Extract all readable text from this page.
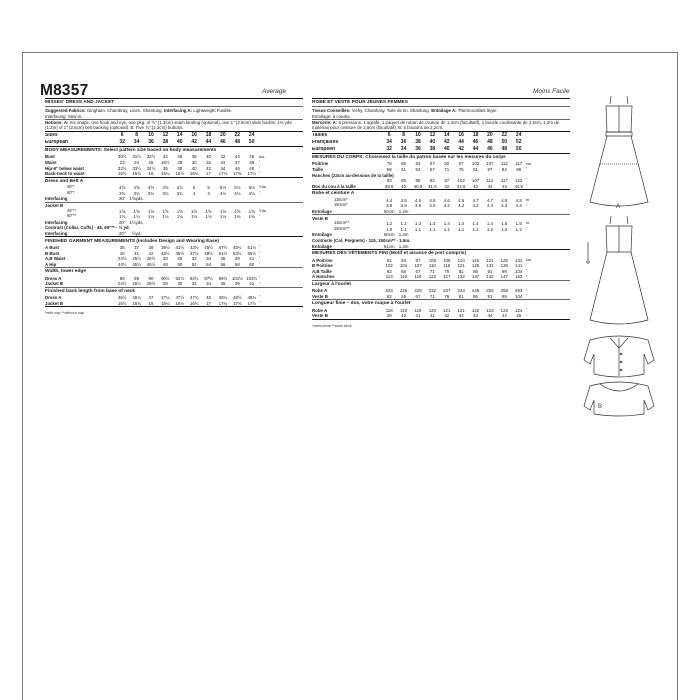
M8357	Average	Moins Facile
MISSES' DRESS AND JACKET
Suggested Fabrics: Gingham, Chambray, Linen, Shantung. Interfacing A: Lightweight Fusible.
Interfacing: Sew-in.
Notions: A: Six snaps, one hook and eye, one pkg. of ½" (1.3cm) seam binding (optional), one 1" (2.5cm) slide buckle, 1⅓ yds. (1.2m) of 1" (2.5cm) belt backing (optional). B: Five ⅞" (2.2cm) buttons.
Sizes	6	8	10	12	14	16	18	20	22	24
European	32	34	36	38	40	42	44	46	48	50
BODY MEASUREMENTS: Select pattern size based on body measurements
Bust	30½	31½	32½	34	36	38	40	42	44	46	Ins.
Waist	23	24	25	26½	28	30	32	34	37	39	"
Hip-9" below waist	32½	33½	34½	36	38	40	42	44	46	48	"
Back-neck to waist	15½	15¾	16	16¼	16½	16¾	17	17¼	17⅜	17½ "
Dress and Belt A
45"*	4⅝	4⅝	4⅝	4⅝	4⅞	5	5	5⅛	5⅛	5⅛	Yds.
60"*	3¾	3¾	3¾	3¾	3¾	4	4	4⅛	4⅛	4⅛	"
Interfacing	20" 1⅝yds.
Jacket B
45"**	1⅝	1⅝	1⅝	1⅝	1⅝	1⅝	1⅝	1⅝	1⅝	1⅝	Yds.
60"**	1⅛	1⅛	1⅛	1⅛	1⅛	1⅛	1⅛	1⅛	1⅜	1⅜	"
Interfacing	20" 1½yds.
Contrast (Collar, Cuffs) - 45, 60"** - ½ yd.
Interfacing	20"	½yd.
FINISHED GARMENT MEASUREMENTS (Includes Design and Wearing Ease)
A Bust	36	37	38	39½	41½	43½	45½	47½	49½	51½ "
B Bust	40	41	42	43½	45½	47½	49½	51½	53½	55½ "
A,B Waist	24½	25½	26½	28	30	32	34	36	39	41	"
A Hip	44½	45½	46½	48	50	52	54	56	58	60	"
Width, lower edge
Dress A	88	89	90	90½	92½	92½	97½	99½	101½ 103½ "
Jacket B	24½	25½	26½	28	30	32	34	36	39	41	"
Finished back length from base of neck
Dress A	46½	46¾	47	47¼	47½	47¾	48	48¼	48½	48¾ "
Jacket B	15½	15¾	16	16¼	16½	16¾	17	17¼	17⅜	17½ "
*with nap **without nap
ROBE ET VESTE POUR JEUNES FEMMES
Tissus Conseillés: Vichy, Chambray, Toile de lin, Shantung. Entoilage A: Thermocollant léger.
Entoilage: à coudre.
Mercerie: A: 6 pressions, 1 agrafe, 1 paquet de ruban de couture de 1,3cm (facultatif), 1 boucle coulissante de 2,5cm, 1,2m de matériau pour ceinture de 2,5cm (facultatif). B: 5 boutons de 2,2cm.
Tailles	6	8	10	12	14	16	18	20	22	24
Françaises	34	36	38	40	42	44	46	48	50	52
Européen	32	34	36	38	40	42	44	46	48	50
MESURES DU CORPS: Choisissez la taille du patron basée sur les mesures du corps
Poitrine	78	80	83	87	92	97	102	107	112	117 cm
Taille	58	61	64	67	71	76	81	87	94	99	"
Hanches (23cm au-dessous de la taille)
83	85	88	92	97	102	107	112	117	122 "
Dos du cou à la taille	39.5	40	40.5	41.5	42	42.5	43	44	44	44.5 "
Robe et ceinture A
115cm*	4.4	4.5	4.5	4.5	4.6	4.6	4.7	4.7	4.8	4.8	m
150cm*	3.9	3.9	3.9	4.0	4.2	4.2	4.2	4.3	4.3	4.4	"
Entoilage	50cm 1.2m
Veste B
115cm**	1.2	1.2	1.3	1.3	1.4	1.4	1.4	1.4	1.5	1.5	m
150cm**	1.0	1.1	1.1	1.1	1.1	1.1	1.1	1.2	1.2	1.2	"
Entoilage	50cm 1.4m
Contraste (Col, Poignets) - 115, 150cm** - 1.5m.
Entoilage	51cm 1.4m
MESURES DES VÊTEMENTS FINI (Motif et aisance de port compris)
A Poitrine	91	94	97	100	105	110	116	121	126	131 cm
B Poitrine	102	104	107	110	116	121	126	131	136	141 "
A,B Taille	62	65	67	71	76	81	86	91	99	104 "
A Hanches	113	116	118	122	127	132	137	142	147	152 "
Largeur à l'ourlet
Robe A	224	226	229	232	237	243	248	253	258	263 "
Veste B	62	65	67	71	76	81	86	91	99	104 "
Longueur finie – dos, votre nuque à l'ourlet
Robe A	118	119	119	120	121	121	122	123	123	124 "
Veste B	39	40	41	41	42	43	43	44	44	45	"
*avec sens **sans sens
A
B
